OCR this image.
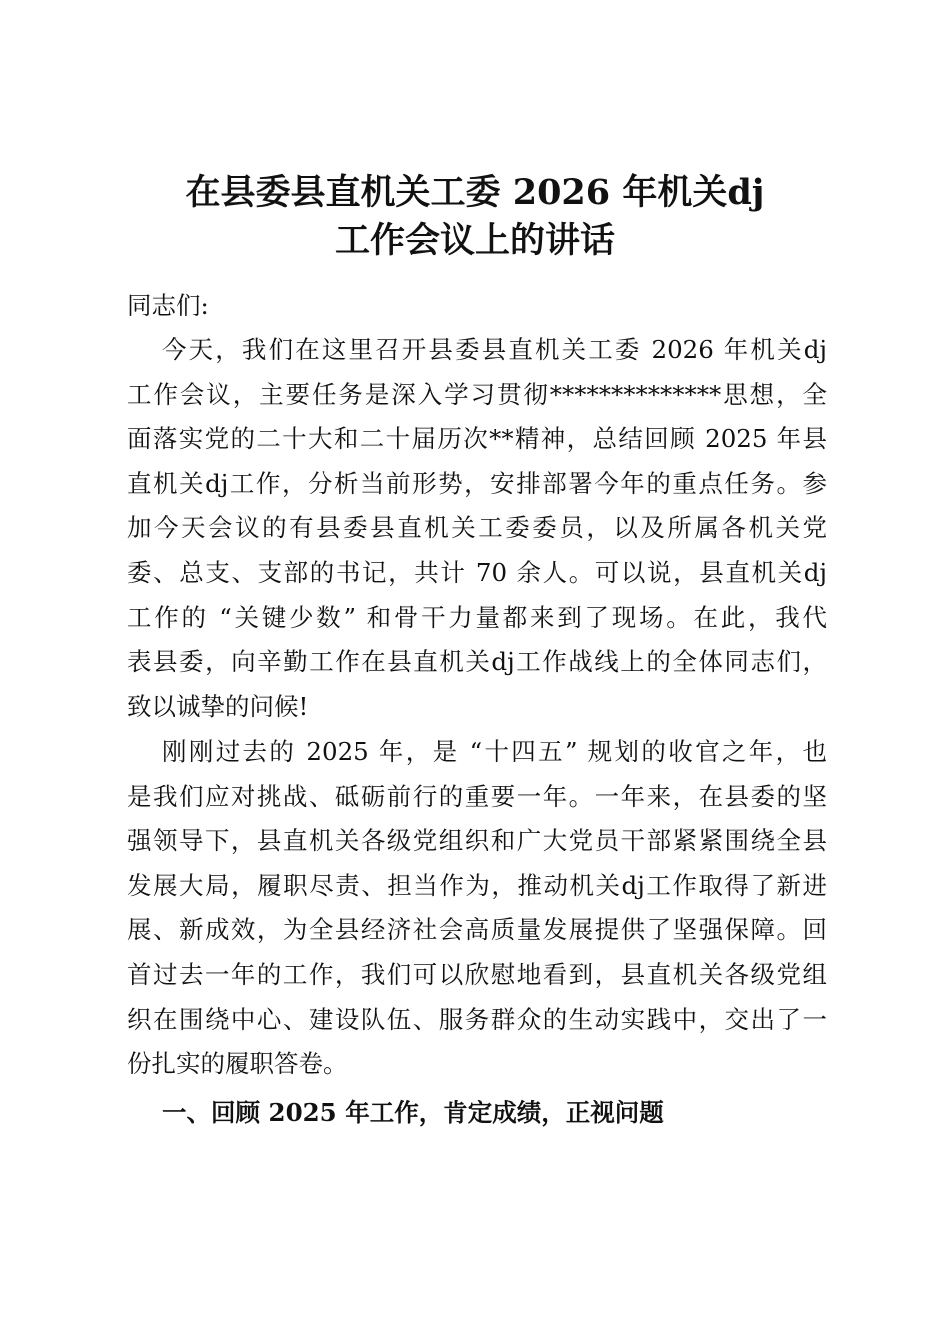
在县委县直机关工委 2026 年机关dj
工作会议上的讲话
同志们:
今天，我们在这里召开县委县直机关工委 2026 年机关dj
工作会议，主要任务是深入学习贯彻**************思想，全
面落实党的二十大和二十届历次**精神，总结回顾 2025 年县
直机关dj工作，分析当前形势，安排部署今年的重点任务。参
加今天会议的有县委县直机关工委委员，以及所属各机关党
委、总支、支部的书记，共计 70 余人。可以说，县直机关dj
工作的 “关键少数” 和骨干力量都来到了现场。在此，我代
表县委，向辛勤工作在县直机关dj工作战线上的全体同志们，
致以诚挚的问候!
刚刚过去的 2025 年，是 “十四五” 规划的收官之年，也
是我们应对挑战、砥砺前行的重要一年。一年来，在县委的坚
强领导下，县直机关各级党组织和广大党员干部紧紧围绕全县
发展大局，履职尽责、担当作为，推动机关dj工作取得了新进
展、新成效，为全县经济社会高质量发展提供了坚强保障。回
首过去一年的工作，我们可以欣慰地看到，县直机关各级党组
织在围绕中心、建设队伍、服务群众的生动实践中，交出了一
份扎实的履职答卷。
一、回顾 2025 年工作，肯定成绩，正视问题
